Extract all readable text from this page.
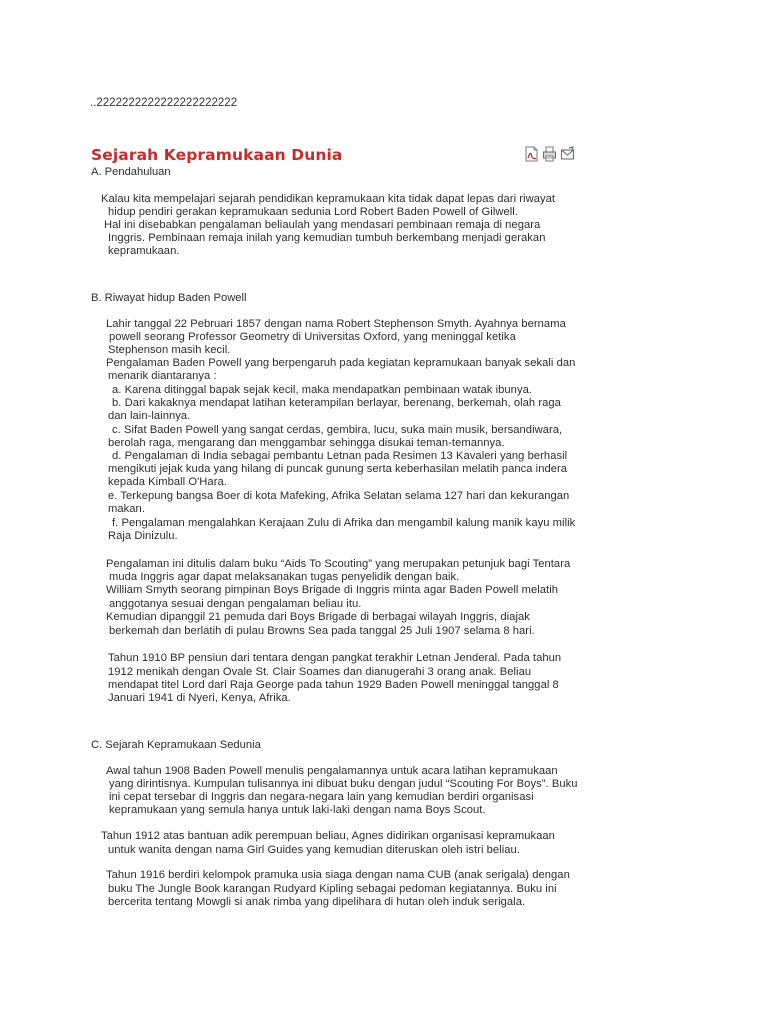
..2222222222222222222222
Sejarah Kepramukaan Dunia
A. Pendahuluan
Kalau kita mempelajari sejarah pendidikan kepramukaan kita tidak dapat lepas dari riwayat
hidup pendiri gerakan kepramukaan sedunia Lord Robert Baden Powell of Gilwell.
Hal ini disebabkan pengalaman beliaulah yang mendasari pembinaan remaja di negara
Inggris. Pembinaan remaja inilah yang kemudian tumbuh berkembang menjadi gerakan
kepramukaan.
B. Riwayat hidup Baden Powell
Lahir tanggal 22 Pebruari 1857 dengan nama Robert Stephenson Smyth. Ayahnya bernama
powell seorang Professor Geometry di Universitas Oxford, yang meninggal ketika
Stephenson masih kecil.
Pengalaman Baden Powell yang berpengaruh pada kegiatan kepramukaan banyak sekali dan
menarik diantaranya :
a. Karena ditinggal bapak sejak kecil, maka mendapatkan pembinaan watak ibunya.
b. Dari kakaknya mendapat latihan keterampilan berlayar, berenang, berkemah, olah raga
dan lain-lainnya.
c. Sifat Baden Powell yang sangat cerdas, gembira, lucu, suka main musik, bersandiwara,
berolah raga, mengarang dan menggambar sehingga disukai teman-temannya.
d. Pengalaman di India sebagai pembantu Letnan pada Resimen 13 Kavaleri yang berhasil
mengikuti jejak kuda yang hilang di puncak gunung serta keberhasilan melatih panca indera
kepada Kimball O'Hara.
e. Terkepung bangsa Boer di kota Mafeking, Afrika Selatan selama 127 hari dan kekurangan
makan.
f. Pengalaman mengalahkan Kerajaan Zulu di Afrika dan mengambil kalung manik kayu milik
Raja Dinizulu.
Pengalaman ini ditulis dalam buku “Aids To Scouting” yang merupakan petunjuk bagi Tentara
muda Inggris agar dapat melaksanakan tugas penyelidik dengan baik.
William Smyth seorang pimpinan Boys Brigade di Inggris minta agar Baden Powell melatih
anggotanya sesuai dengan pengalaman beliau itu.
Kemudian dipanggil 21 pemuda dari Boys Brigade di berbagai wilayah Inggris, diajak
berkemah dan berlatih di pulau Browns Sea pada tanggal 25 Juli 1907 selama 8 hari.
Tahun 1910 BP pensiun dari tentara dengan pangkat terakhir Letnan Jenderal. Pada tahun
1912 menikah dengan Ovale St. Clair Soames dan dianugerahi 3 orang anak. Beliau
mendapat titel Lord dari Raja George pada tahun 1929 Baden Powell meninggal tanggal 8
Januari 1941 di Nyeri, Kenya, Afrika.
C. Sejarah Kepramukaan Sedunia
Awal tahun 1908 Baden Powell menulis pengalamannya untuk acara latihan kepramukaan
yang dirintisnya. Kumpulan tulisannya ini dibuat buku dengan judul “Scouting For Boys”. Buku
ini cepat tersebar di Inggris dan negara-negara lain yang kemudian berdiri organisasi
kepramukaan yang semula hanya untuk laki-laki dengan nama Boys Scout.
Tahun 1912 atas bantuan adik perempuan beliau, Agnes didirikan organisasi kepramukaan
untuk wanita dengan nama Girl Guides yang kemudian diteruskan oleh istri beliau.
Tahun 1916 berdiri kelompok pramuka usia siaga dengan nama CUB (anak serigala) dengan
buku The Jungle Book karangan Rudyard Kipling sebagai pedoman kegiatannya. Buku ini
bercerita tentang Mowgli si anak rimba yang dipelihara di hutan oleh induk serigala.
